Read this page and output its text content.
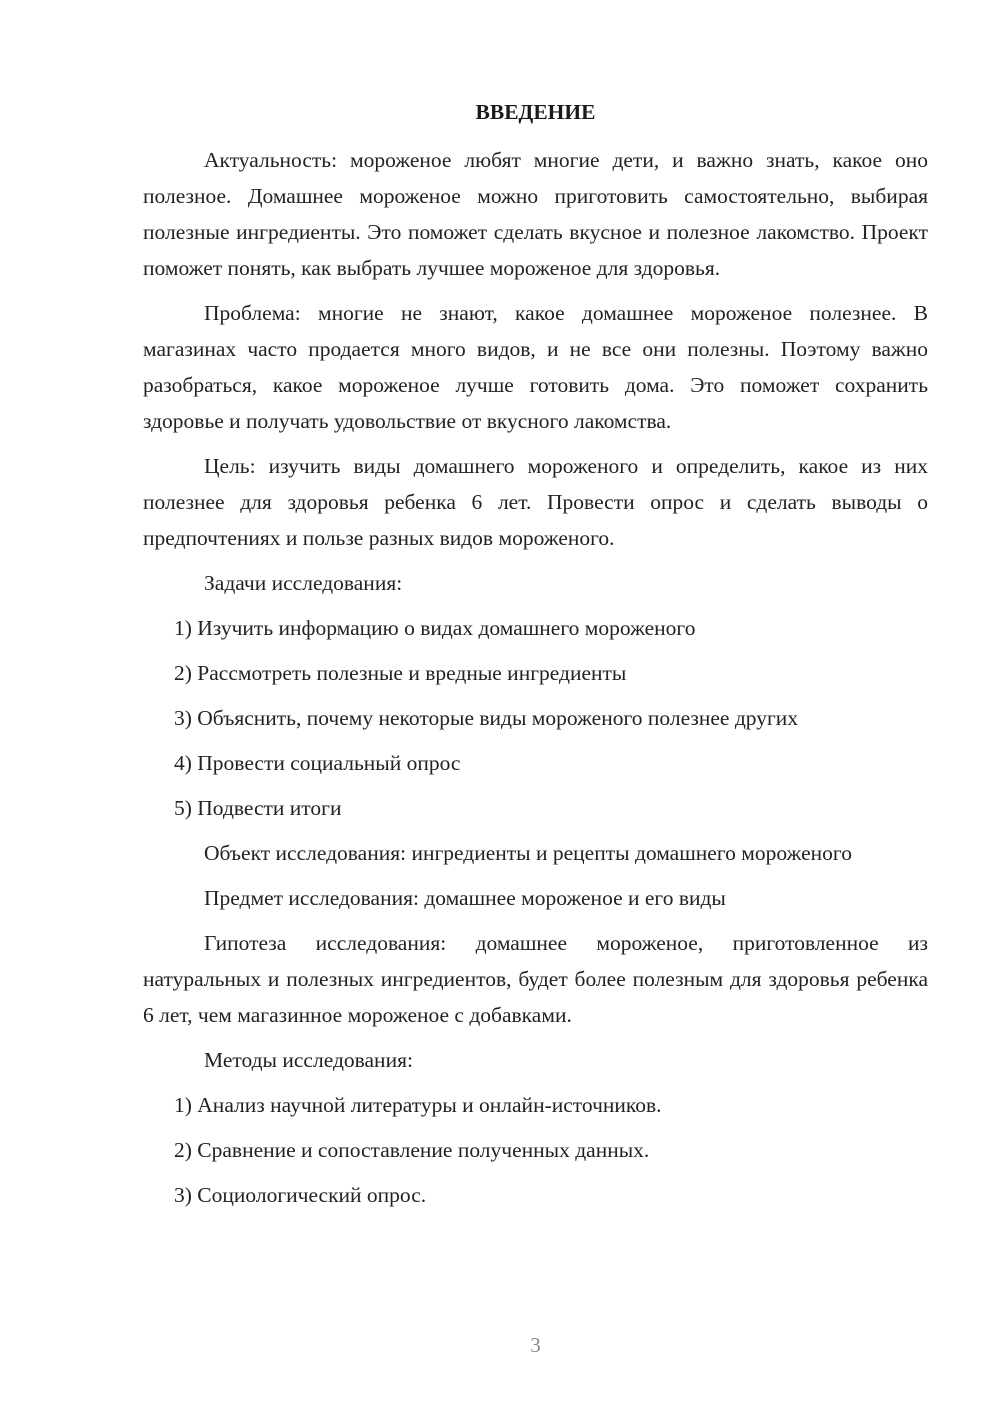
ВВЕДЕНИЕ

Актуальность: мороженое любят многие дети, и важно знать, какое оно полезное. Домашнее мороженое можно приготовить самостоятельно, выбирая полезные ингредиенты. Это поможет сделать вкусное и полезное лакомство. Проект поможет понять, как выбрать лучшее мороженое для здоровья.

Проблема: многие не знают, какое домашнее мороженое полезнее. В магазинах часто продается много видов, и не все они полезны. Поэтому важно разобраться, какое мороженое лучше готовить дома. Это поможет сохранить здоровье и получать удовольствие от вкусного лакомства.

Цель: изучить виды домашнего мороженого и определить, какое из них полезнее для здоровья ребенка 6 лет. Провести опрос и сделать выводы о предпочтениях и пользе разных видов мороженого.

Задачи исследования:

1) Изучить информацию о видах домашнего мороженого

2) Рассмотреть полезные и вредные ингредиенты

3) Объяснить, почему некоторые виды мороженого полезнее других

4) Провести социальный опрос

5) Подвести итоги

Объект исследования: ингредиенты и рецепты домашнего мороженого

Предмет исследования: домашнее мороженое и его виды

Гипотеза исследования: домашнее мороженое, приготовленное из натуральных и полезных ингредиентов, будет более полезным для здоровья ребенка 6 лет, чем магазинное мороженое с добавками.

Методы исследования:

1) Анализ научной литературы и онлайн-источников.

2) Сравнение и сопоставление полученных данных.

3) Социологический опрос.

3
